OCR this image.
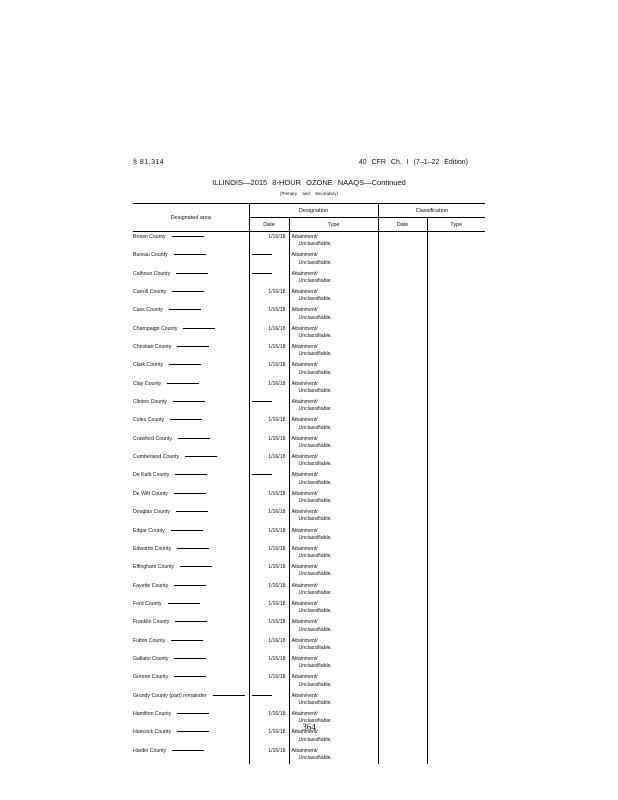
§ 81.314	40 CFR Ch. I (7–1–22 Edition)
ILLINOIS—2015 8-HOUR OZONE NAAQS—Continued
[Primary and Secondary]
Designated area	Designation		Classification	
	Date	Type	Date	Type
Brown County	1/16/18	Attainment/
Unclassifiable.		

Bureau County		Attainment/
Unclassifiable.		

Calhoun County		Attainment/
Unclassifiable.		

Carroll County	1/16/18	Attainment/
Unclassifiable.		

Cass County	1/16/18	Attainment/
Unclassifiable.		

Champaign County	1/16/18	Attainment/
Unclassifiable.		

Christian County	1/16/18	Attainment/
Unclassifiable.		

Clark County	1/16/18	Attainment/
Unclassifiable.		

Clay County	1/16/18	Attainment/
Unclassifiable.		

Clinton County		Attainment/
Unclassifiable.		

Coles County	1/16/18	Attainment/
Unclassifiable.		

Crawford County	1/16/18	Attainment/
Unclassifiable.		

Cumberland County	1/16/18	Attainment/
Unclassifiable.		

De Kalb County		Attainment/
Unclassifiable.		

De Witt County	1/16/18	Attainment/
Unclassifiable.		

Douglas County	1/16/18	Attainment/
Unclassifiable.		

Edgar County	1/16/18	Attainment/
Unclassifiable.		

Edwards County	1/16/18	Attainment/
Unclassifiable.		

Effingham County	1/16/18	Attainment/
Unclassifiable.		

Fayette County	1/16/18	Attainment/
Unclassifiable.		

Ford County	1/16/18	Attainment/
Unclassifiable.		

Franklin County	1/16/18	Attainment/
Unclassifiable.		

Fulton County	1/16/18	Attainment/
Unclassifiable.		

Gallatin County	1/16/18	Attainment/
Unclassifiable.		

Greene County	1/16/18	Attainment/
Unclassifiable.		

Grundy County (part) remainder		Attainment/
Unclassifiable.		

Hamilton County	1/16/18	Attainment/
Unclassifiable.		

Hancock County	1/16/18	Attainment/
Unclassifiable.		

Hardin County	1/16/18	Attainment/
Unclassifiable.		

364
